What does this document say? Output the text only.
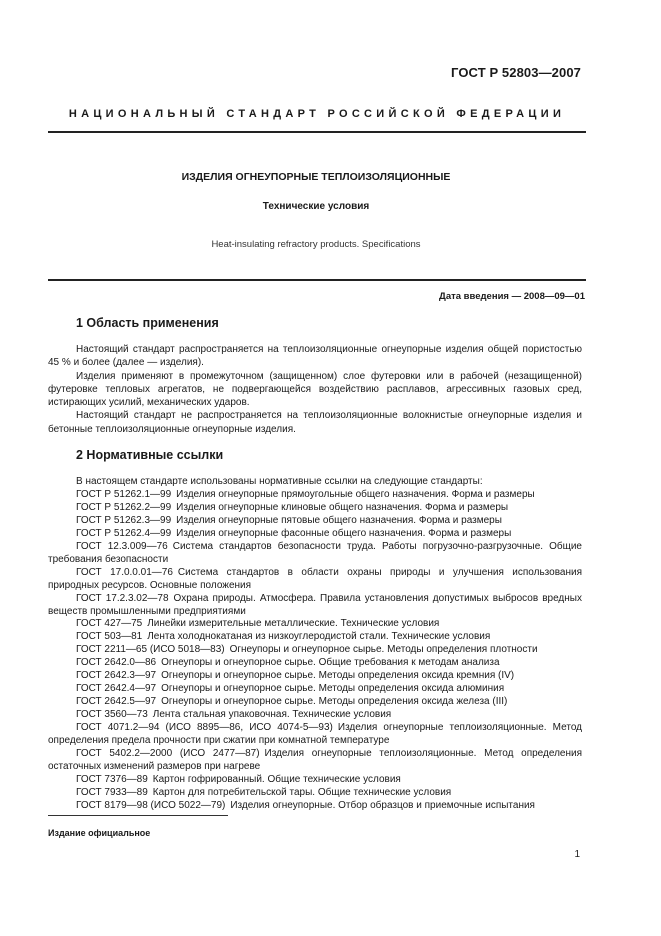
ГОСТ Р 52803—2007
НАЦИОНАЛЬНЫЙ СТАНДАРТ РОССИЙСКОЙ ФЕДЕРАЦИИ
ИЗДЕЛИЯ ОГНЕУПОРНЫЕ ТЕПЛОИЗОЛЯЦИОННЫЕ
Технические условия
Heat-insulating refractory products. Specifications
Дата введения — 2008—09—01
1 Область применения

Настоящий стандарт распространяется на теплоизоляционные огнеупорные изделия общей пористостью 45 % и более (далее — изделия).

Изделия применяют в промежуточном (защищенном) слое футеровки или в рабочей (незащищенной) футеровке тепловых агрегатов, не подвергающейся воздействию расплавов, агрессивных газовых сред, истирающих усилий, механических ударов.

Настоящий стандарт не распространяется на теплоизоляционные волокнистые огнеупорные изделия и бетонные теплоизоляционные огнеупорные изделия.

2 Нормативные ссылки

В настоящем стандарте использованы нормативные ссылки на следующие стандарты:

ГОСТ Р 51262.1—99 Изделия огнеупорные прямоугольные общего назначения. Форма и размеры

ГОСТ Р 51262.2—99 Изделия огнеупорные клиновые общего назначения. Форма и размеры

ГОСТ Р 51262.3—99 Изделия огнеупорные пятовые общего назначения. Форма и размеры

ГОСТ Р 51262.4—99 Изделия огнеупорные фасонные общего назначения. Форма и размеры

ГОСТ 12.3.009—76 Система стандартов безопасности труда. Работы погрузочно-разгрузочные. Общие требования безопасности

ГОСТ 17.0.0.01—76 Система стандартов в области охраны природы и улучшения использования природных ресурсов. Основные положения

ГОСТ 17.2.3.02—78 Охрана природы. Атмосфера. Правила установления допустимых выбросов вредных веществ промышленными предприятиями

ГОСТ 427—75 Линейки измерительные металлические. Технические условия

ГОСТ 503—81 Лента холоднокатаная из низкоуглеродистой стали. Технические условия

ГОСТ 2211—65 (ИСО 5018—83) Огнеупоры и огнеупорное сырье. Методы определения плотности

ГОСТ 2642.0—86 Огнеупоры и огнеупорное сырье. Общие требования к методам анализа

ГОСТ 2642.3—97 Огнеупоры и огнеупорное сырье. Методы определения оксида кремния (IV)

ГОСТ 2642.4—97 Огнеупоры и огнеупорное сырье. Методы определения оксида алюминия

ГОСТ 2642.5—97 Огнеупоры и огнеупорное сырье. Методы определения оксида железа (III)

ГОСТ 3560—73 Лента стальная упаковочная. Технические условия

ГОСТ 4071.2—94 (ИСО 8895—86, ИСО 4074-5—93) Изделия огнеупорные теплоизоляционные. Метод определения предела прочности при сжатии при комнатной температуре

ГОСТ 5402.2—2000 (ИСО 2477—87) Изделия огнеупорные теплоизоляционные. Метод определения остаточных изменений размеров при нагреве

ГОСТ 7376—89 Картон гофрированный. Общие технические условия

ГОСТ 7933—89 Картон для потребительской тары. Общие технические условия

ГОСТ 8179—98 (ИСО 5022—79) Изделия огнеупорные. Отбор образцов и приемочные испытания

Издание официальное
1
